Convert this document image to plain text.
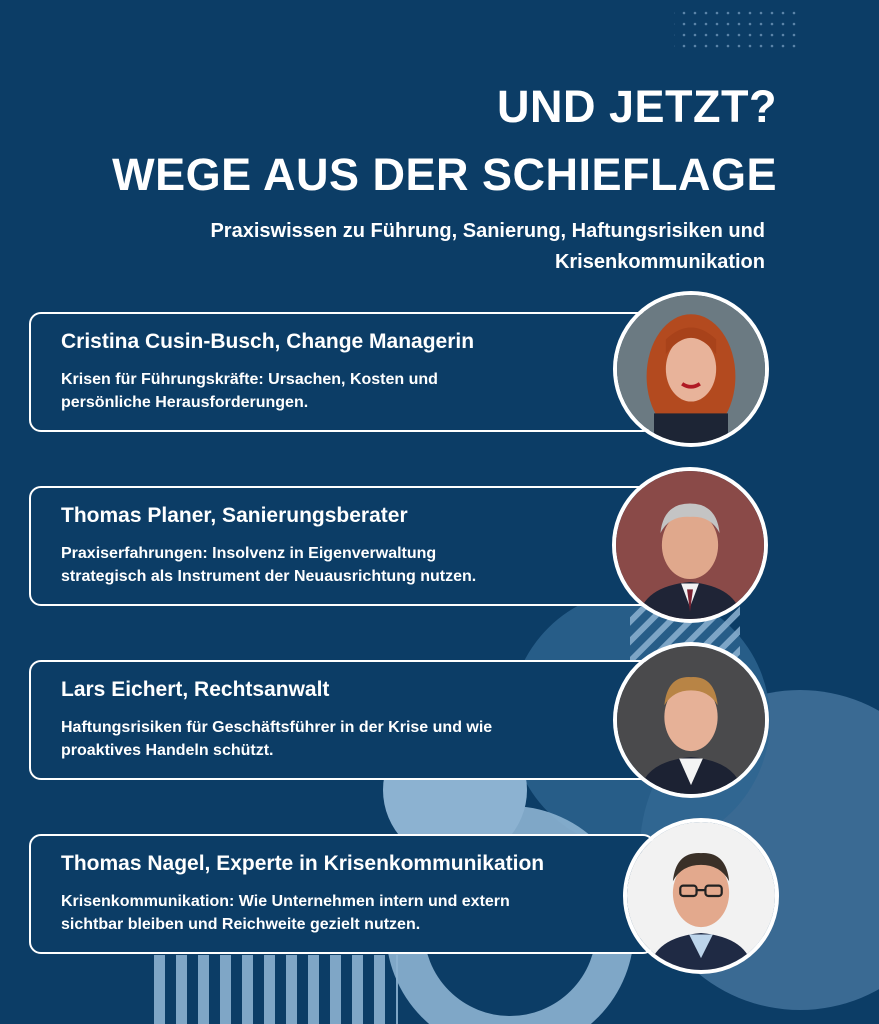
UND JETZT?
WEGE AUS DER SCHIEFLAGE
Praxiswissen zu Führung, Sanierung, Haftungsrisiken und
Krisenkommunikation
Cristina Cusin-Busch, Change Managerin
Krisen für Führungskräfte: Ursachen, Kosten und
persönliche Herausforderungen.
Thomas Planer, Sanierungsberater
Praxiserfahrungen: Insolvenz in Eigenverwaltung
strategisch als Instrument der Neuausrichtung nutzen.
Lars Eichert, Rechtsanwalt
Haftungsrisiken für Geschäftsführer in der Krise und wie
proaktives Handeln schützt.
Thomas Nagel, Experte in Krisenkommunikation
Krisenkommunikation: Wie Unternehmen intern und extern
sichtbar bleiben und Reichweite gezielt nutzen.
